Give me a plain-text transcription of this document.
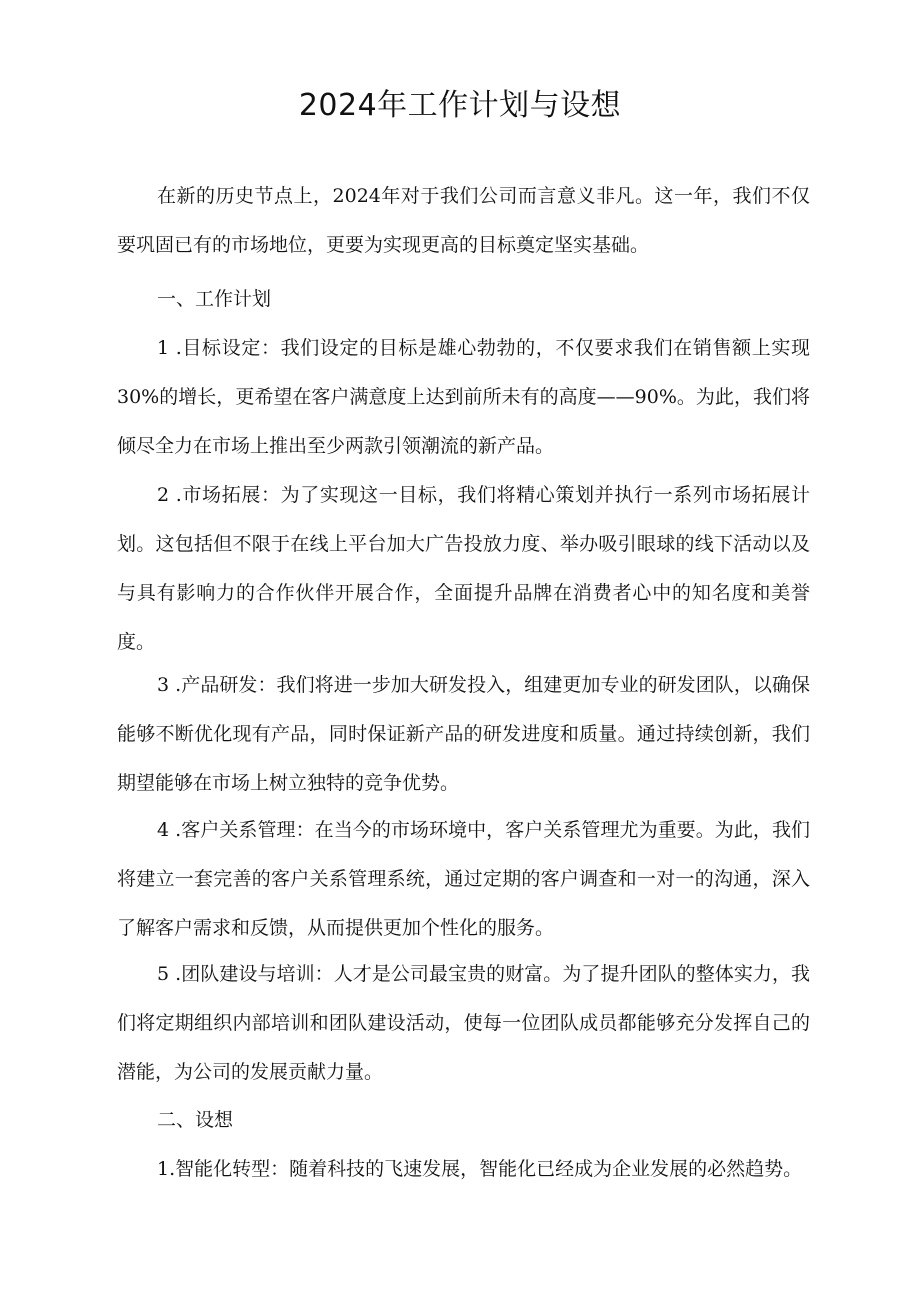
2024年工作计划与设想

在新的历史节点上，2024年对于我们公司而言意义非凡。这一年，我们不仅要巩固已有的市场地位，更要为实现更高的目标奠定坚实基础。

一、工作计划

1 .目标设定：我们设定的目标是雄心勃勃的，不仅要求我们在销售额上实现30%的增长，更希望在客户满意度上达到前所未有的高度——90%。为此，我们将倾尽全力在市场上推出至少两款引领潮流的新产品。

2 .市场拓展：为了实现这一目标，我们将精心策划并执行一系列市场拓展计划。这包括但不限于在线上平台加大广告投放力度、举办吸引眼球的线下活动以及与具有影响力的合作伙伴开展合作，全面提升品牌在消费者心中的知名度和美誉度。

3 .产品研发：我们将进一步加大研发投入，组建更加专业的研发团队，以确保能够不断优化现有产品，同时保证新产品的研发进度和质量。通过持续创新，我们期望能够在市场上树立独特的竞争优势。

4 .客户关系管理：在当今的市场环境中，客户关系管理尤为重要。为此，我们将建立一套完善的客户关系管理系统，通过定期的客户调查和一对一的沟通，深入了解客户需求和反馈，从而提供更加个性化的服务。

5 .团队建设与培训：人才是公司最宝贵的财富。为了提升团队的整体实力，我们将定期组织内部培训和团队建设活动，使每一位团队成员都能够充分发挥自己的潜能，为公司的发展贡献力量。

二、设想

1.智能化转型：随着科技的飞速发展，智能化已经成为企业发展的必然趋势。
